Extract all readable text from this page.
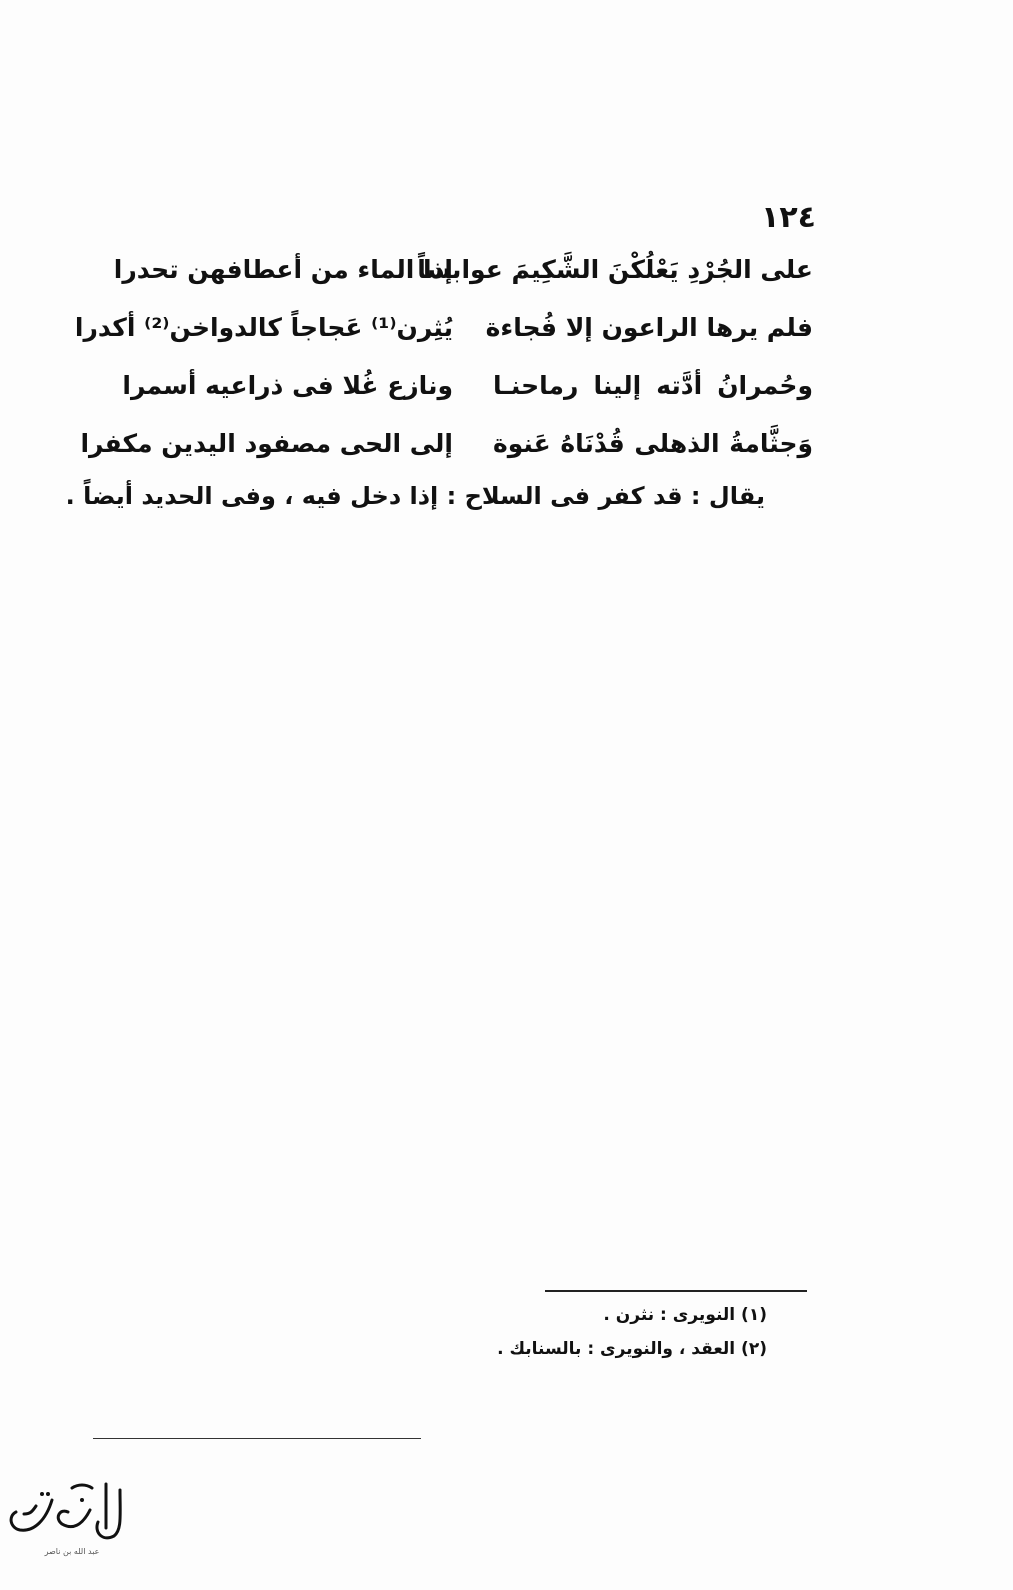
١٢٤
على الجُرْدِ يَعْلُكْنَ الشَّكِيمَ عوابساً
إذا الماء من أعطافهن تحدرا
فلم يرها الراعون إلا فُجاءة
يُثِرن⁽¹⁾ عَجاجاً كالدواخن⁽²⁾ أكدرا
وحُمرانُ أدَّته إلينا رماحنـا
ونازع غُلا فى ذراعيه أسمرا
وَجثَّامةُ الذهلى قُدْنَاهُ عَنوة
إلى الحى مصفود اليدين مكفرا
يقال : قد كفر فى السلاح : إذا دخل فيه ، وفى الحديد أيضاً .
(١) النويرى : نثرن .
(٢) العقد ، والنويرى : بالسنابك .
عبد الله بن ناصر
